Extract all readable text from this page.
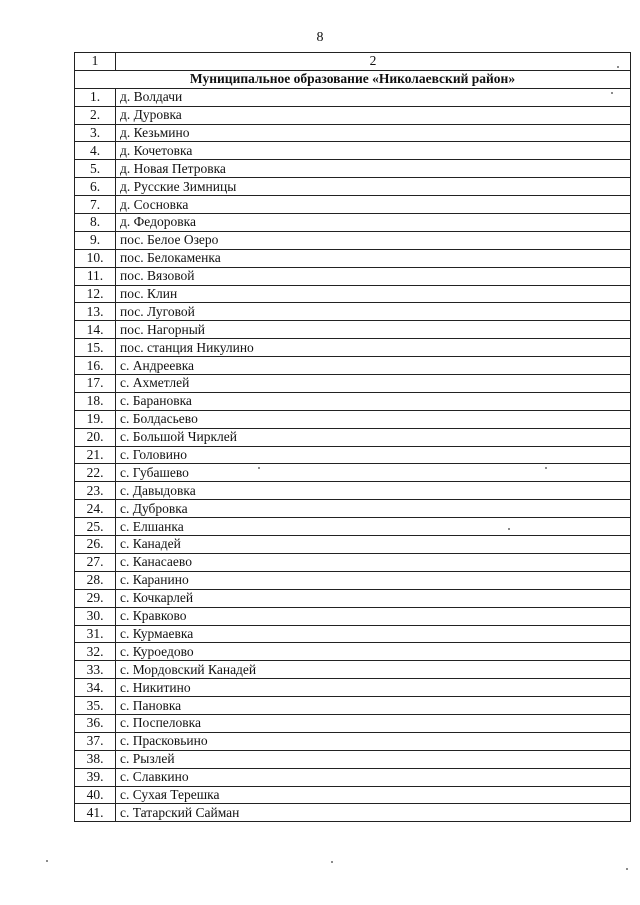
8
1	2
Муниципальное образование «Николаевский район»	
1.	д. Волдачи
2.	д. Дуровка
3.	д. Кезьмино
4.	д. Кочетовка
5.	д. Новая Петровка
6.	д. Русские Зимницы
7.	д. Сосновка
8.	д. Федоровка
9.	пос. Белое Озеро
10.	пос. Белокаменка
11.	пос. Вязовой
12.	пос. Клин
13.	пос. Луговой
14.	пос. Нагорный
15.	пос. станция Никулино
16.	с. Андреевка
17.	с. Ахметлей
18.	с. Барановка
19.	с. Болдасьево
20.	с. Большой Чирклей
21.	с. Головино
22.	с. Губашево
23.	с. Давыдовка
24.	с. Дубровка
25.	с. Елшанка
26.	с. Канадей
27.	с. Канасаево
28.	с. Каранино
29.	с. Кочкарлей
30.	с. Кравково
31.	с. Курмаевка
32.	с. Куроедово
33.	с. Мордовский Канадей
34.	с. Никитино
35.	с. Пановка
36.	с. Поспеловка
37.	с. Прасковьино
38.	с. Рызлей
39.	с. Славкино
40.	с. Сухая Терешка
41.	с. Татарский Сайман
